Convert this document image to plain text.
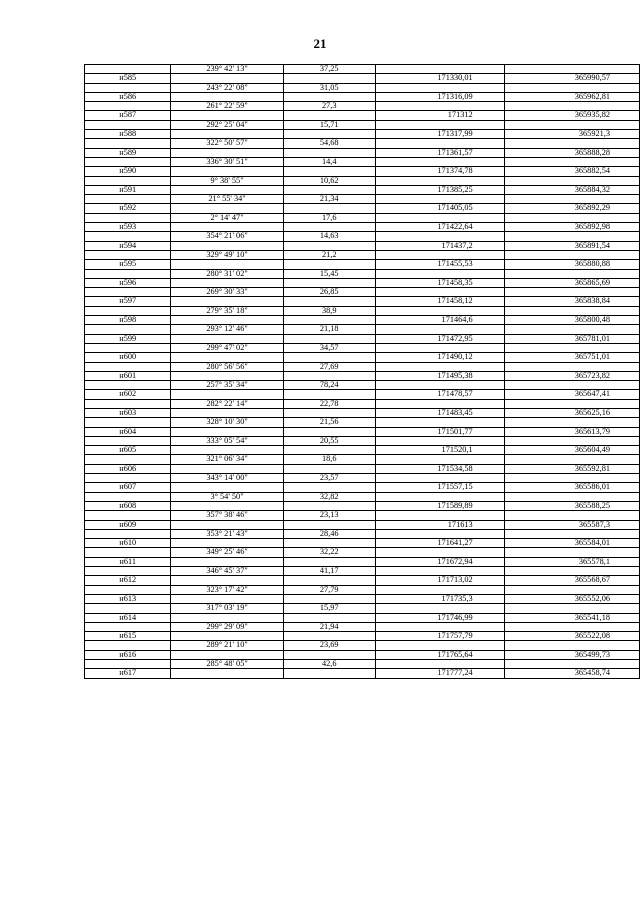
21
	239° 42' 13"	37,25		
н585			171330,01	365990,57
	243° 22' 08"	31,05		
н586			171316,09	365962,81
	261° 22' 59"	27,3		
н587			171312	365935,82
	292° 25' 04"	15,71		
н588			171317,99	365921,3
	322° 50' 57"	54,68		
н589			171361,57	365888,28
	336° 30' 51"	14,4		
н590			171374,78	365882,54
	9° 38' 55"	10,62		
н591			171385,25	365884,32
	21° 55' 34"	21,34		
н592			171405,05	365892,29
	2° 14' 47"	17,6		
н593			171422,64	365892,98
	354° 21' 06"	14,63		
н594			171437,2	365891,54
	329° 49' 10"	21,2		
н595			171455,53	365880,88
	280° 31' 02"	15,45		
н596			171458,35	365865,69
	269° 30' 33"	26,85		
н597			171458,12	365838,84
	279° 35' 18"	38,9		
н598			171464,6	365800,48
	293° 12' 46"	21,18		
н599			171472,95	365781,01
	299° 47' 02"	34,57		
н600			171490,12	365751,01
	280° 56' 56"	27,69		
н601			171495,38	365723,82
	257° 35' 34"	78,24		
н602			171478,57	365647,41
	282° 22' 14"	22,78		
н603			171483,45	365625,16
	328° 10' 30"	21,56		
н604			171501,77	365613,79
	333° 05' 54"	20,55		
н605			171520,1	365604,49
	321° 06' 34"	18,6		
н606			171534,58	365592,81
	343° 14' 00"	23,57		
н607			171557,15	365586,01
	3° 54' 50"	32,82		
н608			171589,89	365588,25
	357° 38' 46"	23,13		
н609			171613	365587,3
	353° 21' 43"	28,46		
н610			171641,27	365584,01
	349° 25' 46"	32,22		
н611			171672,94	365578,1
	346° 45' 37"	41,17		
н612			171713,02	365568,67
	323° 17' 42"	27,79		
н613			171735,3	365552,06
	317° 03' 19"	15,97		
н614			171746,99	365541,18
	299° 29' 09"	21,94		
н615			171757,79	365522,08
	289° 21' 10"	23,69		
н616			171765,64	365499,73
	285° 48' 05"	42,6		
н617			171777,24	365458,74
